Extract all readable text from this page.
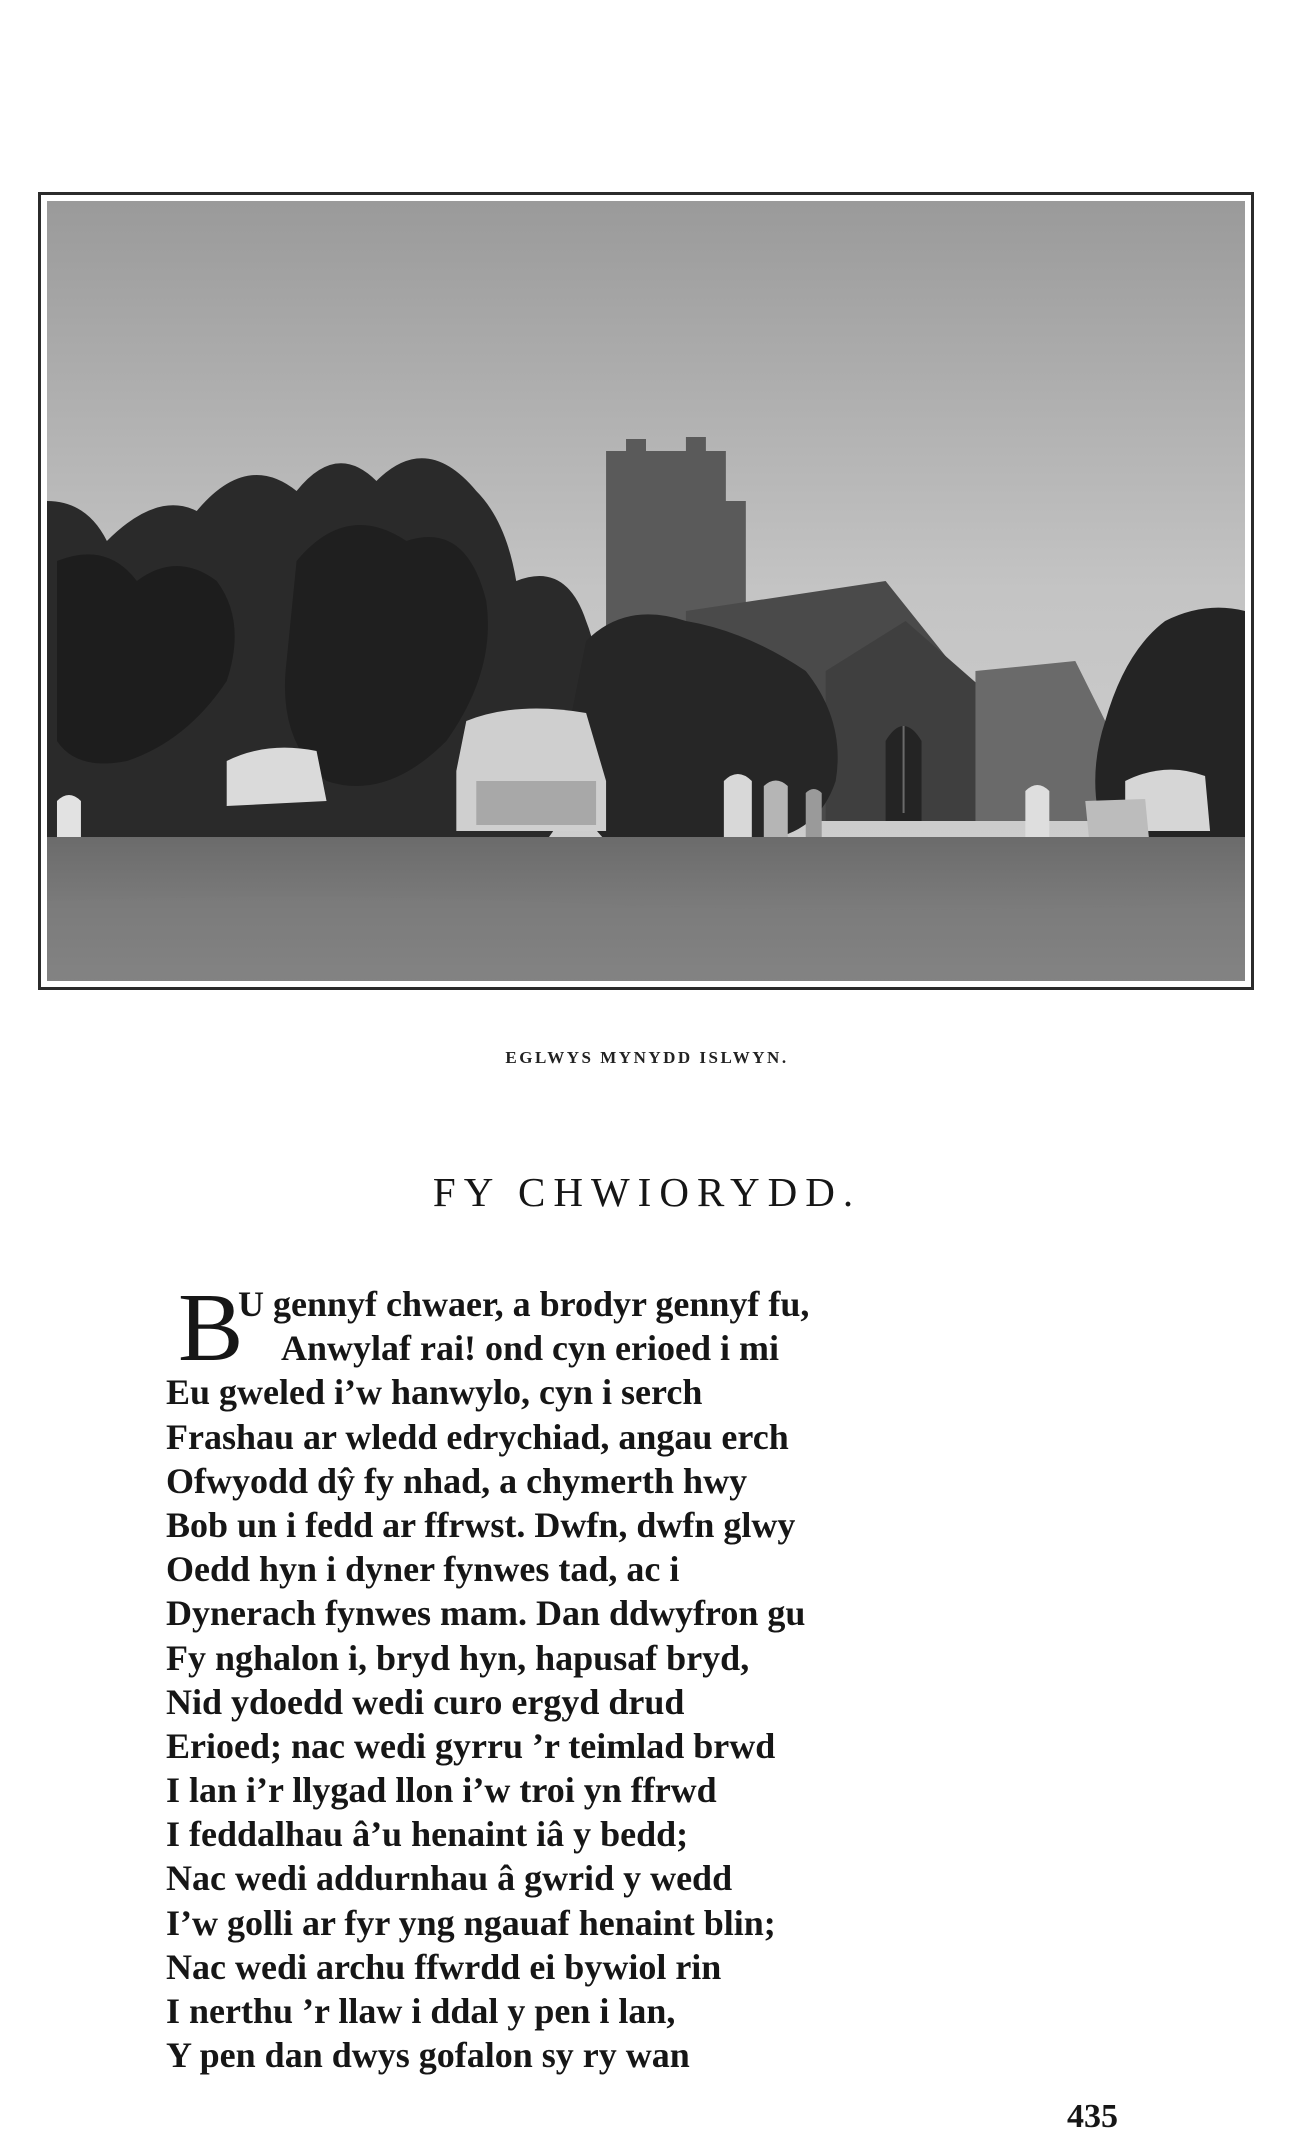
EGLWYS MYNYDD ISLWYN.
FY CHWIORYDD.
B
U gennyf chwaer, a brodyr gennyf fu,
Anwylaf rai! ond cyn erioed i mi
Eu gweled i’w hanwylo, cyn i serch
Frashau ar wledd edrychiad, angau erch
Ofwyodd dŷ fy nhad, a chymerth hwy
Bob un i fedd ar ffrwst. Dwfn, dwfn glwy
Oedd hyn i dyner fynwes tad, ac i
Dynerach fynwes mam. Dan ddwyfron gu
Fy nghalon i, bryd hyn, hapusaf bryd,
Nid ydoedd wedi curo ergyd drud
Erioed; nac wedi gyrru ’r teimlad brwd
I lan i’r llygad llon i’w troi yn ffrwd
I feddalhau â’u henaint iâ y bedd;
Nac wedi addurnhau â gwrid y wedd
I’w golli ar fyr yng ngauaf henaint blin;
Nac wedi archu ffwrdd ei bywiol rin
I nerthu ’r llaw i ddal y pen i lan,
Y pen dan dwys gofalon sy ry wan
435
